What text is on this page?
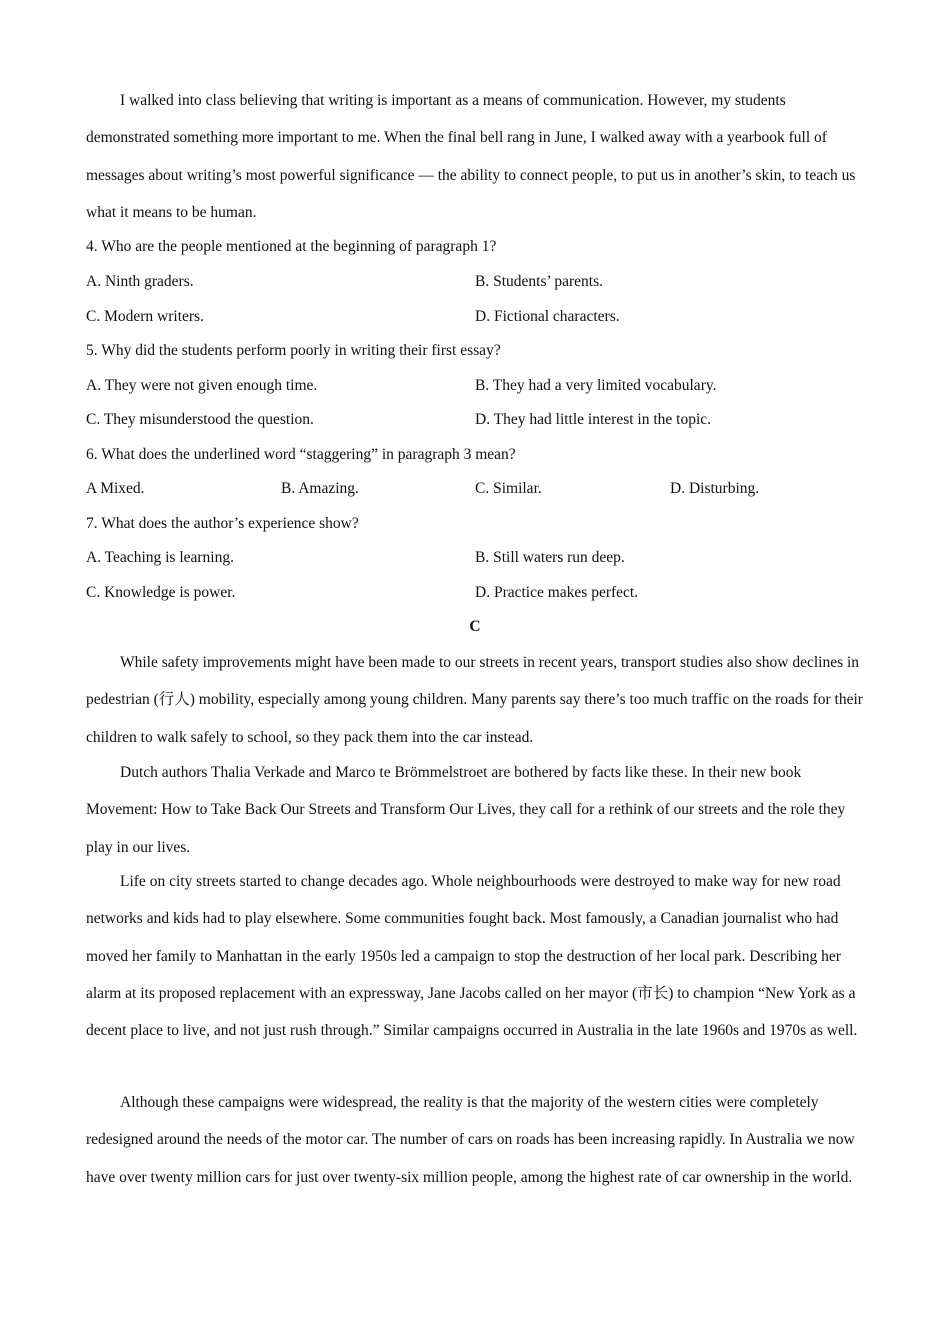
I walked into class believing that writing is important as a means of communication. However, my students demonstrated something more important to me. When the final bell rang in June, I walked away with a yearbook full of messages about writing’s most powerful significance — the ability to connect people, to put us in another’s skin, to teach us what it means to be human.

4. Who are the people mentioned at the beginning of paragraph 1?
A. Ninth graders.	B. Students’ parents.
C. Modern writers.	D. Fictional characters.
5. Why did the students perform poorly in writing their first essay?
A. They were not given enough time.	B. They had a very limited vocabulary.
C. They misunderstood the question.	D. They had little interest in the topic.
6. What does the underlined word “staggering” in paragraph 3 mean?
A Mixed.	B. Amazing.	C. Similar.	D. Disturbing.
7. What does the author’s experience show?
A. Teaching is learning.	B. Still waters run deep.
C. Knowledge is power.	D. Practice makes perfect.
C

While safety improvements might have been made to our streets in recent years, transport studies also show declines in pedestrian (行人) mobility, especially among young children. Many parents say there’s too much traffic on the roads for their children to walk safely to school, so they pack them into the car instead.

Dutch authors Thalia Verkade and Marco te Brömmelstroet are bothered by facts like these. In their new book Movement: How to Take Back Our Streets and Transform Our Lives, they call for a rethink of our streets and the role they play in our lives.

Life on city streets started to change decades ago. Whole neighbourhoods were destroyed to make way for new road networks and kids had to play elsewhere. Some communities fought back. Most famously, a Canadian journalist who had moved her family to Manhattan in the early 1950s led a campaign to stop the destruction of her local park. Describing her alarm at its proposed replacement with an expressway, Jane Jacobs called on her mayor (市长) to champion “New York as a decent place to live, and not just rush through.” Similar campaigns occurred in Australia in the late 1960s and 1970s as well.

Although these campaigns were widespread, the reality is that the majority of the western cities were completely redesigned around the needs of the motor car. The number of cars on roads has been increasing rapidly. In Australia we now have over twenty million cars for just over twenty-six million people, among the highest rate of car ownership in the world.
